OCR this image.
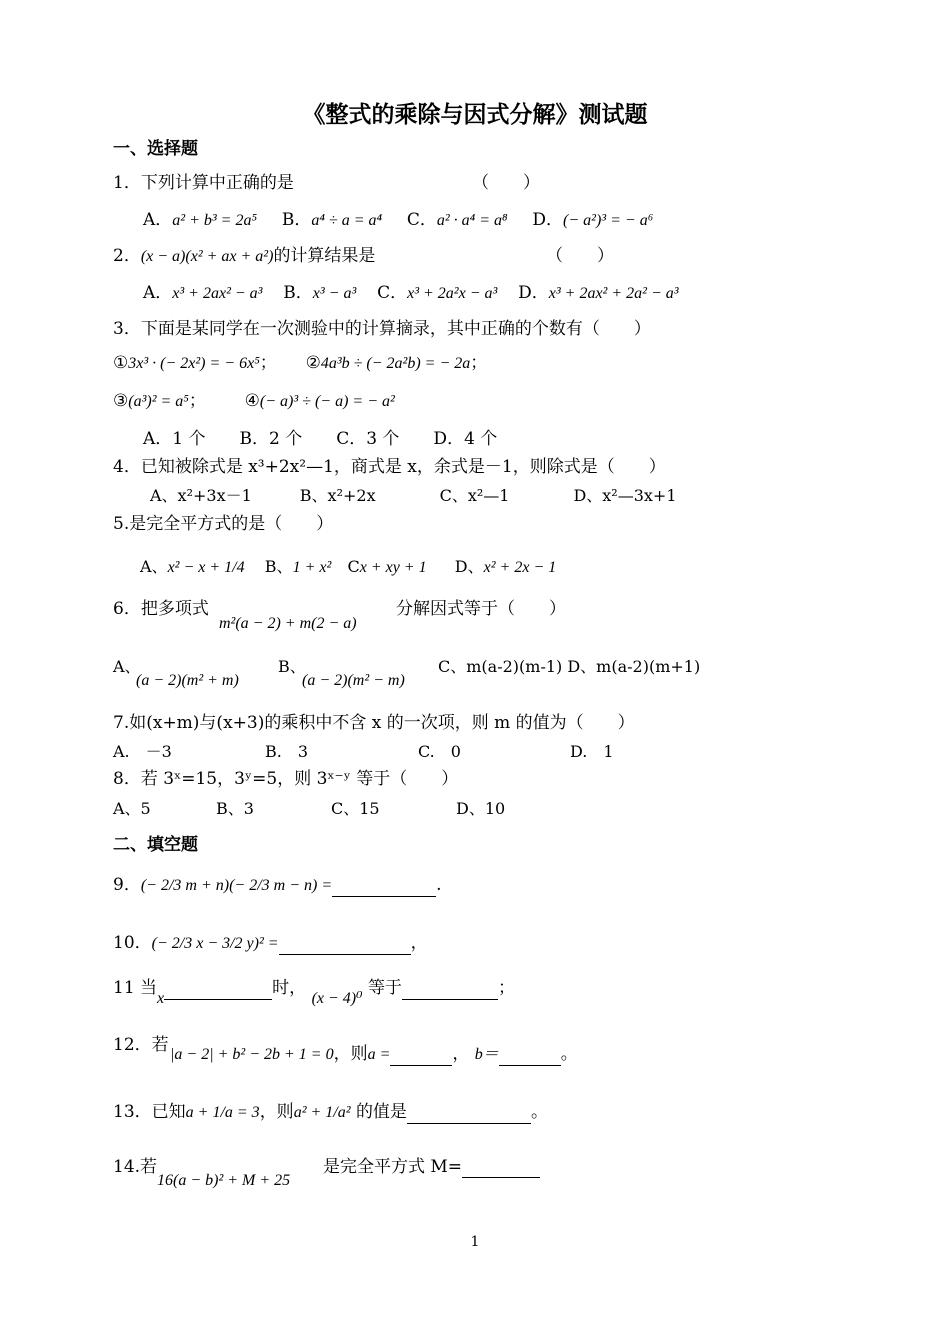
《整式的乘除与因式分解》测试题
一、选择题
1．下列计算中正确的是	（　　）
A．a² + b³ = 2a⁵ B．a⁴ ÷ a = a⁴ C．a² · a⁴ = a⁸ D．(− a²)³ = − a⁶
2．(x − a)(x² + ax + a²)的计算结果是	（　　）
A．x³ + 2ax² − a³ B．x³ − a³ C．x³ + 2a²x − a³ D．x³ + 2ax² + 2a² − a³
3．下面是某同学在一次测验中的计算摘录，其中正确的个数有（　　）
①3x³ · (− 2x²) = − 6x⁵； ②4a³b ÷ (− 2a²b) = − 2a；
③(a³)² = a⁵； ④(− a)³ ÷ (− a) = − a²
A．1 个　　B．2 个　　C．3 个　　D．4 个
4．已知被除式是 x³+2x²—1，商式是 x，余式是－1，则除式是（　　）
A、x²+3x－1　　　B、x²+2x　　　　C、x²—1　　　　D、x²—3x+1
5.是完全平方式的是（　　）
A、x² − x + 1/4 B、1 + x² Cx + xy + 1 D、x² + 2x − 1
6．把多项式
m²(a − 2) + m(2 − a)
分解因式等于（　　）
A、
(a − 2)(m² + m)
B、
(a − 2)(m² − m)
C、m(a-2)(m-1) D、m(a-2)(m+1)
7.如(x+m)与(x+3)的乘积中不含 x 的一次项，则 m 的值为（　　）
A.　－3	B.　3	C.　0	D.　1
8．若 3ˣ=15，3ʸ=5，则 3ˣ⁻ʸ 等于（　　）
A、5	B、3	C、15	D、10
二、填空题
9．(− 2/3 m + n)(− 2/3 m − n) =	.
10．(− 2/3 x − 3/2 y)² =	，
11 当x时， (x − 4)⁰ 等于	；
12．若 |a − 2| + b² − 2b + 1 = 0，则a =	， b＝	。
13．已知a + 1/a = 3，则a² + 1/a² 的值是	。
14.若
16(a − b)² + M + 25
是完全平方式 M=
1
